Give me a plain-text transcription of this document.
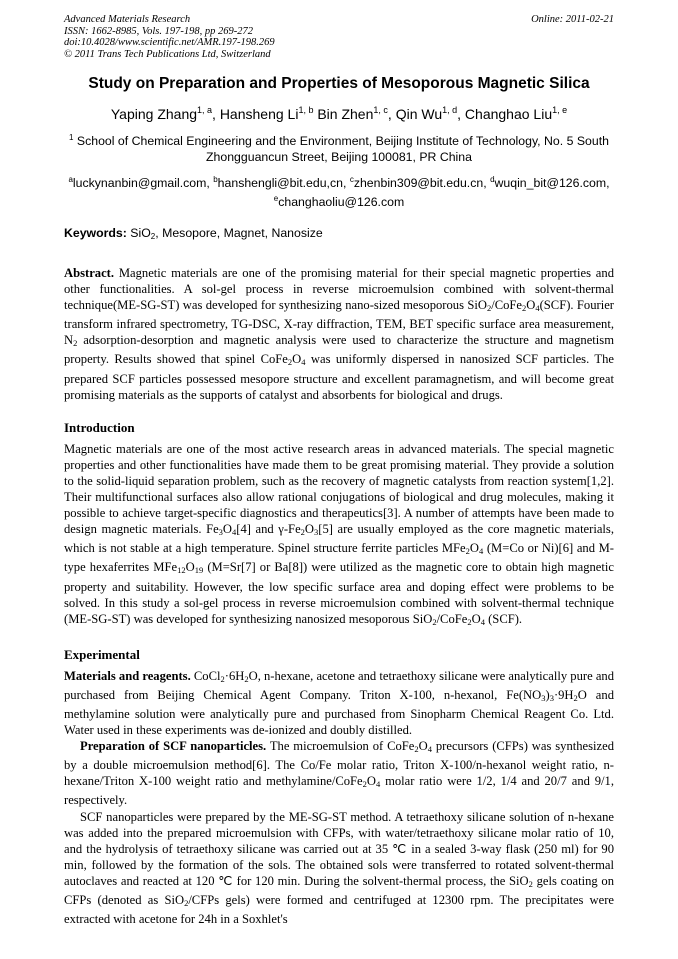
Advanced Materials Research
ISSN: 1662-8985, Vols. 197-198, pp 269-272
doi:10.4028/www.scientific.net/AMR.197-198.269
© 2011 Trans Tech Publications Ltd, Switzerland
Online: 2011-02-21
Study on Preparation and Properties of Mesoporous Magnetic Silica
Yaping Zhang$^{1, a}$, Hansheng Li$^{1, b}$ Bin Zhen$^{1, c}$, Qin Wu$^{1, d}$, Changhao Liu$^{1, e}$
$^1$ School of Chemical Engineering and the Environment, Beijing Institute of Technology, No. 5 South Zhongguancun Street, Beijing 100081, PR China
$^a$luckynanbin@gmail.com, $^b$hanshengli@bit.edu,cn, $^c$zhenbin309@bit.edu.cn, $^d$wuqin_bit@126.com, $^e$changhaoliu@126.com
Keywords: SiO$_2$, Mesopore, Magnet, Nanosize
Abstract. Magnetic materials are one of the promising material for their special magnetic properties and other functionalities. A sol-gel process in reverse microemulsion combined with solvent-thermal technique(ME-SG-ST) was developed for synthesizing nano-sized mesoporous $SiO_2/CoFe_2O_4(SCF)$. Fourier transform infrared spectrometry, TG-DSC, X-ray diffraction, TEM, BET specific surface area measurement, $N_2$ adsorption-desorption and magnetic analysis were used to characterize the structure and magnetism property. Results showed that spinel $CoFe_2O_4$ was uniformly dispersed in nanosized SCF particles. The prepared SCF particles possessed mesopore structure and excellent paramagnetism, and will become great promising materials as the supports of catalyst and absorbents for biological and drugs.
Introduction
Magnetic materials are one of the most active research areas in advanced materials. The special magnetic properties and other functionalities have made them to be great promising material. They provide a solution to the solid-liquid separation problem, such as the recovery of magnetic catalysts from reaction system[1,2]. Their multifunctional surfaces also allow rational conjugations of biological and drug molecules, making it possible to achieve target-specific diagnostics and therapeutics[3]. A number of attempts have been made to design magnetic materials. $Fe_3O_4[4]$ and $\gamma-Fe_2O_3[5]$ are usually employed as the core magnetic materials, which is not stable at a high temperature. Spinel structure ferrite particles $MFe_2O_4$ (M=Co or Ni)[6] and M-type hexaferrites $MFe_{12}O_{19}$ (M=Sr[7] or Ba[8]) were utilized as the magnetic core to obtain high magnetic property and suitability. However, the low specific surface area and doping effect were problems to be solved. In this study a sol-gel process in reverse microemulsion combined with solvent-thermal technique (ME-SG-ST) was developed for synthesizing nanosized mesoporous $SiO_2/CoFe_2O_4$ (SCF).
Experimental
Materials and reagents. $CoCl_2\cdot 6H_2O$, n-hexane, acetone and tetraethoxy silicane were analytically pure and purchased from Beijing Chemical Agent Company. Triton X-100, n-hexanol, $Fe(NO_3)_3\cdot 9H_2O$ and methylamine solution were analytically pure and purchased from Sinopharm Chemical Reagent Co. Ltd. Water used in these experiments was de-ionized and doubly distilled.
Preparation of SCF nanoparticles. The microemulsion of $CoFe_2O_4$ precursors (CFPs) was synthesized by a double microemulsion method[6]. The Co/Fe molar ratio, Triton X-100/n-hexanol weight ratio, n-hexane/Triton X-100 weight ratio and methylamine/$CoFe_2O_4$ molar ratio were 1/2, 1/4 and 20/7 and 9/1, respectively.
SCF nanoparticles were prepared by the ME-SG-ST method. A tetraethoxy silicane solution of n-hexane was added into the prepared microemulsion with CFPs, with water/tetraethoxy silicane molar ratio of 10, and the hydrolysis of tetraethoxy silicane was carried out at 35 ℃ in a sealed 3-way flask (250 ml) for 90 min, followed by the formation of the sols. The obtained sols were transferred to rotated solvent-thermal autoclaves and reacted at 120 ℃ for 120 min. During the solvent-thermal process, the SiO$_2$ gels coating on CFPs (denoted as SiO$_2$/CFPs gels) were formed and centrifuged at 12300 rpm. The precipitates were extracted with acetone for 24h in a Soxhlet's
